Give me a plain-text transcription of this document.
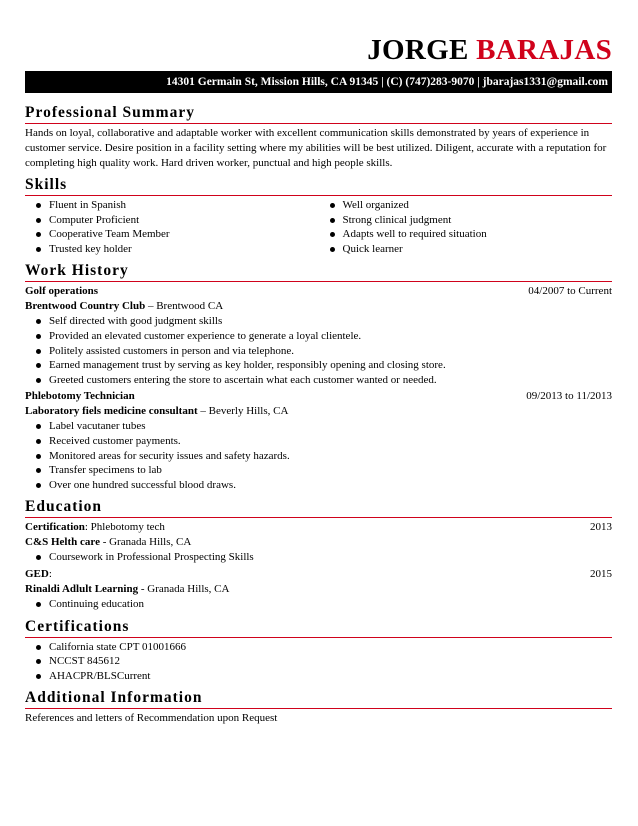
JORGE BARAJAS
14301 Germain St, Mission Hills, CA 91345 | (C) (747)283-9070 | jbarajas1331@gmail.com
Professional Summary
Hands on loyal, collaborative and adaptable worker with excellent communication skills demonstrated by years of experience in customer service. Desire position in a facility setting where my abilities will be best utilized. Diligent, accurate with a reputation for completing high quality work. Hard driven worker, punctual and high people skills.
Skills
Fluent in Spanish
Computer Proficient
Cooperative Team Member
Trusted key holder
Well organized
Strong clinical judgment
Adapts well to required situation
Quick learner
Work History
Golf operations	04/2007 to Current
Brentwood Country Club – Brentwood CA
Self directed with good judgment skills
Provided an elevated customer experience to generate a loyal clientele.
Politely assisted customers in person and via telephone.
Earned management trust by serving as key holder, responsibly opening and closing store.
Greeted customers entering the store to ascertain what each customer wanted or needed.
Phlebotomy Technician	09/2013 to 11/2013
Laboratory fiels medicine consultant – Beverly Hills, CA
Label vacutaner tubes
Received customer payments.
Monitored areas for security issues and safety hazards.
Transfer specimens to lab
Over one hundred successful blood draws.
Education
Certification: Phlebotomy tech	2013
C&S Helth care - Granada Hills, CA
Coursework in Professional Prospecting Skills
GED:	2015
Rinaldi Adlult Learning - Granada Hills, CA
Continuing education
Certifications
California state CPT 01001666
NCCST 845612
AHACPR/BLSCurrent
Additional Information
References and letters of Recommendation upon Request
